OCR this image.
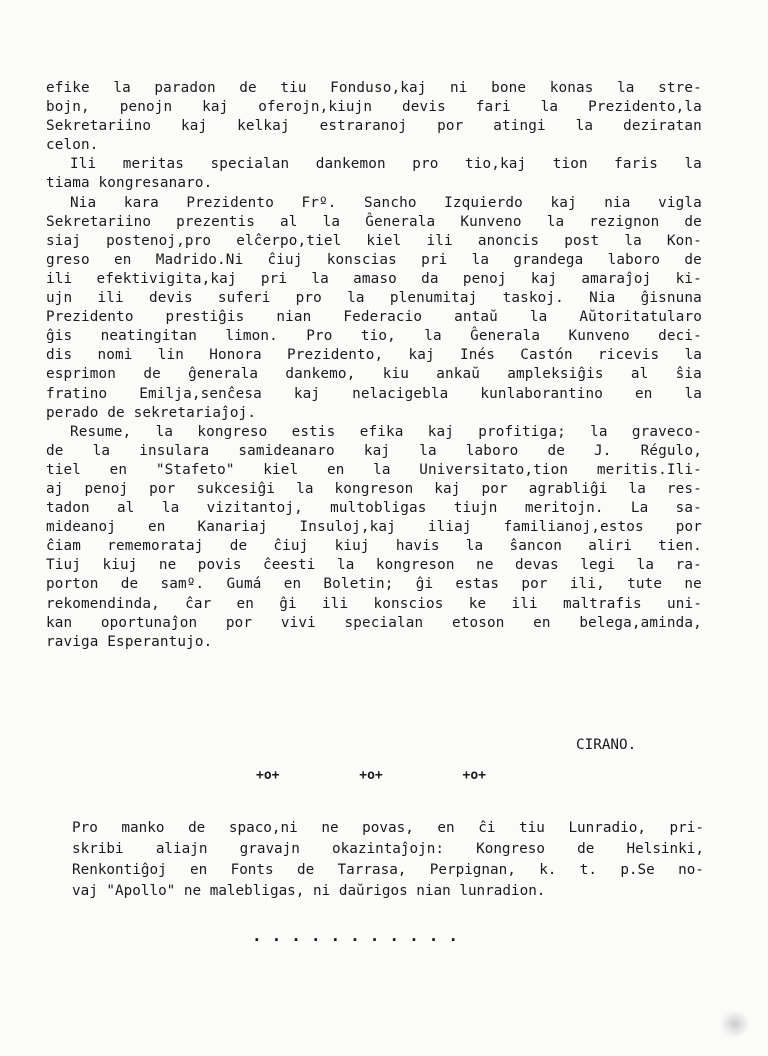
efike la paradon de tiu Fonduso,kaj ni bone konas la stre-
bojn, penojn kaj oferojn,kiujn devis fari la Prezidento,la
Sekretariino kaj kelkaj estraranoj por atingi la deziratan
celon.
Ili meritas specialan dankemon pro tio,kaj tion faris la
tiama kongresanaro.
Nia kara Prezidento Frº. Sancho Izquierdo kaj nia vigla
Sekretariino prezentis al la Ĝenerala Kunveno la rezignon de
siaj postenoj,pro elĉerpo,tiel kiel ili anoncis post la Kon-
greso en Madrido.Ni ĉiuj konscias pri la grandega laboro de
ili efektivigita,kaj pri la amaso da penoj kaj amaraĵoj ki-
ujn ili devis suferi pro la plenumitaj taskoj. Nia ĝisnuna
Prezidento prestiĝis nian Federacio antaŭ la Aŭtoritatularo
ĝis neatingitan limon. Pro tio, la Ĝenerala Kunveno deci-
dis nomi lin Honora Prezidento, kaj Inés Castón ricevis la
esprimon de ĝenerala dankemo, kiu ankaŭ ampleksiĝis al ŝia
fratino Emilja,senĉesa kaj nelacigebla kunlaborantino en la
perado de sekretariaĵoj.
Resume, la kongreso estis efika kaj profitiga; la graveco-
de la insulara samideanaro kaj la laboro de J. Régulo,
tiel en "Stafeto" kiel en la Universitato,tion meritis.Ili-
aj penoj por sukcesiĝi la kongreson kaj por agrabliĝi la res-
tadon al la vizitantoj, multobligas tiujn meritojn. La sa-
mideanoj en Kanariaj Insuloj,kaj iliaj familianoj,estos por
ĉiam rememorataj de ĉiuj kiuj havis la ŝancon aliri tien.
Tiuj kiuj ne povis ĉeesti la kongreson ne devas legi la ra-
porton de samº. Gumá en Boletin; ĝi estas por ili, tute ne
rekomendinda, ĉar en ĝi ili konscios ke ili maltrafis uni-
kan oportunaĵon por vivi specialan etoson en belega,aminda,
raviga Esperantujo.
CIRANO.
+o+	+o+	+o+
Pro manko de spaco,ni ne povas, en ĉi tiu Lunradio, pri-
skribi aliajn gravajn okazintaĵojn: Kongreso de Helsinki,
Renkontiĝoj en Fonts de Tarrasa, Perpignan, k. t. p.Se no-
vaj "Apollo" ne malebligas, ni daŭrigos nian lunradion.
...........
